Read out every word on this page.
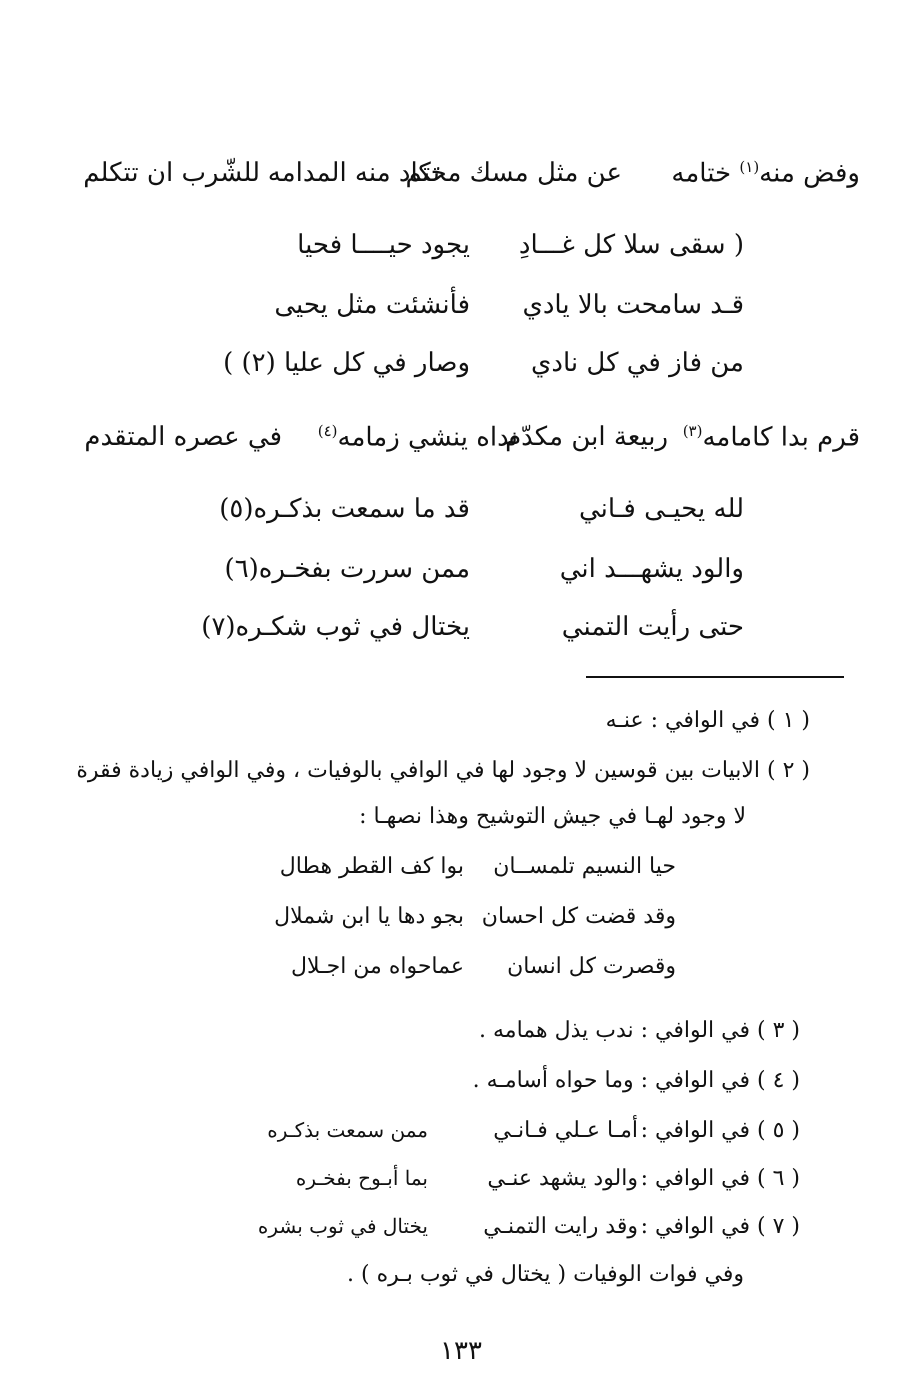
وفض منه$^{(١)}$ ختامه
عن مثل مسك مختم
تكاد منه المدامه
للشّرب ان تتكلم
( سقى سلا كل غـــادِ
يجود حيــــا فحيا
قـد سامحت بالا يادي
فأنشئت مثل يحيى
من فاز في كل نادي
وصار في كل عليا (٢) )
قرم بدا كامامه$^{(٣)}$
ربيعة ابن مكدّم
نداه ينشي زمامه$^{(٤)}$
في عصره المتقدم
لله يحيـى فـاني
قد ما سمعت بذكـره(٥)
والود يشهـــد اني
ممن سررت بفخـره(٦)
حتى رأيت التمني
يختال في ثوب شكـره(٧)
( ١ ) في الوافي : عنـه
( ٢ ) الابيات بين قوسين لا وجود لها في الوافي بالوفيات ، وفي الوافي زيادة فقرة
لا وجود لهـا في جيش التوشيح وهذا نصهـا :
حيا النسيم تلمســان
بوا كف القطر هطال
وقد قضت كل احسان
بجو دها يا ابن شملال
وقصرت كل انسان
عماحواه من اجـلال
( ٣ ) في الوافي : ندب يذل همامه .
( ٤ ) في الوافي : وما حواه أسامـه .
( ٥ ) في الوافي :
أمـا عـلي فـانـي
ممن سمعت بذكـره
( ٦ ) في الوافي :
والود يشهد عنـي
بما أبـوح بفخـره
( ٧ ) في الوافي :
وقد رايت التمنـي
يختال في ثوب بشره
وفي فوات الوفيات ( يختال في ثوب بـره ) .
١٣٣
